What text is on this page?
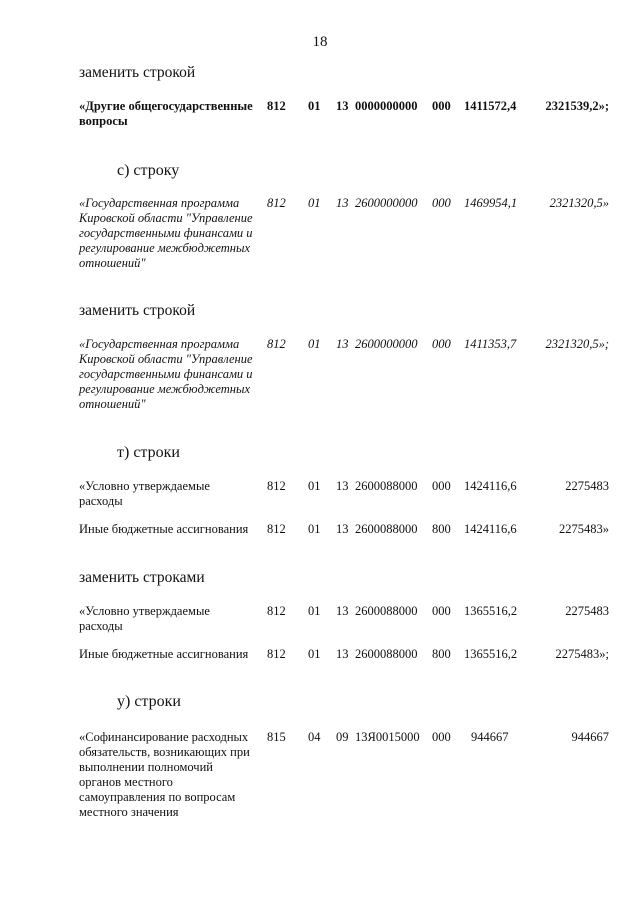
18
заменить строкой
«Другие общегосударственные вопросы
812 01 13 0000000000 000 1411572,4 2321539,2»;
с) строку
«Государственная программа Кировской области "Управление государственными финансами и регулирование межбюджетных отношений"
812 01 13 2600000000 000 1469954,1	2321320,5»
заменить строкой
«Государственная программа Кировской области "Управление государственными финансами и регулирование межбюджетных отношений"
812 01 13 2600000000 000 1411353,7 2321320,5»;
т) строки
«Условно утверждаемые расходы
812 01 13 2600088000 000 1424116,6	2275483
Иные бюджетные ассигнования	812 01 13 2600088000 800 1424116,6	2275483»
заменить строками
«Условно утверждаемые расходы
812 01 13 2600088000 000 1365516,2	2275483
Иные бюджетные ассигнования	812 01 13 2600088000 800 1365516,2	2275483»;
у) строки
«Софинансирование расходных обязательств, возникающих при выполнении полномочий органов местного самоуправления по вопросам местного значения
815 04 09 13Я0015000 000 944667	944667
